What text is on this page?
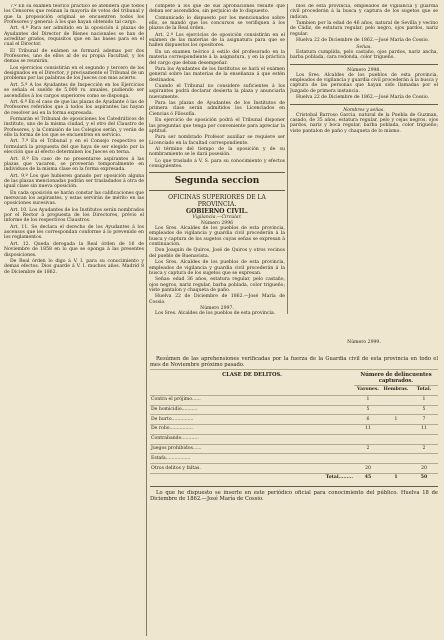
7.º En su exámen teórico práctico se atenderá que todos los Censores que reúnan la mayoría de votos del tribunal y que la proposición original se encuentren todos los Profesores y general: á los que hayan obtenido tal cargo.

Art. 4.º Para ser admitido en la oposición á plazas de Ayudantes del Director de Bienes nacionales se han de acreditar grados, requisitos que en las bases para en el cual el Director.

El Tribunal de exámen se formará ademas por dos Profesores, uno de ellos al de su propia Facultad, y los demas se reunirán.

Los ejercicios consistirán en el segundo y tercero de los designados en el Director, y precisamente el Tribunal de un problema por las palabras de los Jueces con mas acierto.

Art. 5.º A los Ayudantes de Inspección en los Ejercicios se señala el sueldo de 5,000 rs. anuales, pudiendo ser ascendidos á los cargos superiores como se disponga.

Art. 6.º En el caso de que las plazas de Ayudante ó las de Profesores referidos que á todos los aspirantes las hayan de resolver así en la forma expresada.

Formarán el Tribunal de oposiciones los Catedráticos de instituto, uno de la misma ciudad, y el otro del Claustro de Profesores, y la Comisión de los Colegios serán, y verán de ello la forma de los que se encuentren en servicio.

Art. 7.º En el Tribunal y en el Consejo respectivo se formulará la propuesta del que haya de ser elegido por la elección que al efecto determinen los Jueces en terna.

Art. 8.º En caso de no presentarse aspirantes á las plazas que vacaren, se proveerán temporalmente en individuos de la misma clase en la forma expresada.

Art. 9.º Los que hubieren ganado por oposición alguna de las plazas mencionadas podrán ser trasladados á otra de igual clase sin nueva oposición.

En cada oposición se harán constar las calificaciones que merezcan los aspirantes, y estas servirán de mérito en las oposiciones sucesivas.

Art. 10. Los Ayudantes de los Institutos serán nombrados por el Rector á propuesta de los Directores, prévio el informe de los respectivos Claustros.

Art. 11. Se declara el derecho de los Ayudantes á los ascensos que les correspondan conforme á lo prevenido en los reglamentos.

Art. 12. Queda derogada la Real órden de 16 de Noviembre de 1858 en lo que se oponga á las presentes disposiciones.

De Real órden lo digo á V. I. para su conocimiento y demas efectos. Dios guarde á V. I. muchos años. Madrid 8 de Diciembre de 1862.

compete á los que de sus aprobaciones resulte que deban ser ascendidos, sin perjuicio de lo dispuesto.

Comunicado lo dispuesto por los mencionados sobre ello, se mandó que los concursos se verifiquen á los plazos de la Real órden.

Art. 2.º Los ejercicios de oposición consistirán en el exámen de las materias de la asignatura para que se hallen dispuestos los opositores.

En un examen teórico á estilo del profesorado en la materia correspondiente á la asignatura, y en la práctica del cargo que deban desempeñar.

Para los Ayudantes de los Institutos se hará el exámen general sobre las materias de la enseñanza á que estén destinados.

Cuando el Tribunal no considere suficientes á los aspirantes podrá declarar desierta la plaza y anunciarla nuevamente.

Para las plazas de Ayudantes de los Institutos de primera clase serán admitidos los Licenciados en Ciencias ó Filosofía.

En ejercicio de oposición podrá el Tribunal disponer las preguntas que tenga por conveniente para apreciar la aptitud.

Para ser nombrado Profesor auxiliar se requiere ser Licenciado en la facultad correspondiente.

Al término del tiempo de la oposición y de su nombramiento se le dará posesión.

Lo que traslado á V. S. para su conocimiento y efectos consiguientes.

Segunda seccion
OFICINAS SUPERIORES DE LA PROVINCIA.
GOBIERNO CIVIL.
Vigilancia.—Circular.
Número 2996

Los Sres. Alcaldes de los pueblos de esta provincia, empleados de vigilancia y guardia civil procederán á la busca y captura de los sugetos cuyas señas se expresan á continuación.

Don Joaquín de Quiros, José de Quiros y otros vecinos del pueblo de Buenavista.

Los Sres. Alcaldes de los pueblos de esta provincia, empleados de vigilancia y guardia civil procederán á la busca y captura de los sugetos que se expresan.

Señas: edad 36 años, estatura regular, pelo castaño, ojos negros, nariz regular, barba poblada, color trigueño; viste pantalon y chaqueta de paño.

Huelva 22 de Diciembre de 1862.—José María de Cossio.

Número 2997.

Los Sres. Alcaldes de los pueblos de esta provincia.

blos de esta provincia, empleados de vigilancia y guardia civil procederán á la busca y captura de los sugetos que se indican.

Tambien por la edad de 46 años, natural de Sevilla y vecino de Cádiz, de estatura regular, pelo negro, ojos pardos, nariz regular.

Huelva 22 de Diciembre de 1862.—José María de Cossio.

Señas.

Estatura cumplida, pelo castaño, ojos pardos, nariz ancha, barba poblada, cara redonda, color trigueño.

Número 2998.

Los Sres. Alcaldes de los pueblos de esta provincia, empleados de vigilancia y guardia civil procederán á la busca y captura de las personas que hayan sido llamadas por el Juzgado de primera instancia.

Huelva 22 de Diciembre de 1862.—José María de Cossio.

Nombres y señas.

Cristobal Barroso Garcia, natural de la Puebla de Guzman, casado, de 35 años, estatura regular, pelo y cejas negros, ojos pardos, nariz y boca regular, barba poblada, color trigueño; viste pantalon de paño y chaqueta de lo mismo.

Número 2999.

Resúmen de las aprehensiones verificadas por la fuerza de la Guardia civil de esta provincia en todo el mes de Noviembre próximo pasado.

CLASE DE DELITOS.	Número de delincuentes capturados.		
	Varones.	Hembras.	Total.
Contra el prójimo......	1		1
De homicidio...........	5		5
De hurto...............	6	1	7
De robo................	11		11
Contrabando............			
Juegos prohibidos......	2		2
Estafa.................			
Otros delitos y faltas.	20		20
Total.........	45	1	50

Lo que he dispuesto se inserte en este periódico oficial para conocimiento del público. Huelva 18 de Diciembre de 1862.—José María de Cossio.
